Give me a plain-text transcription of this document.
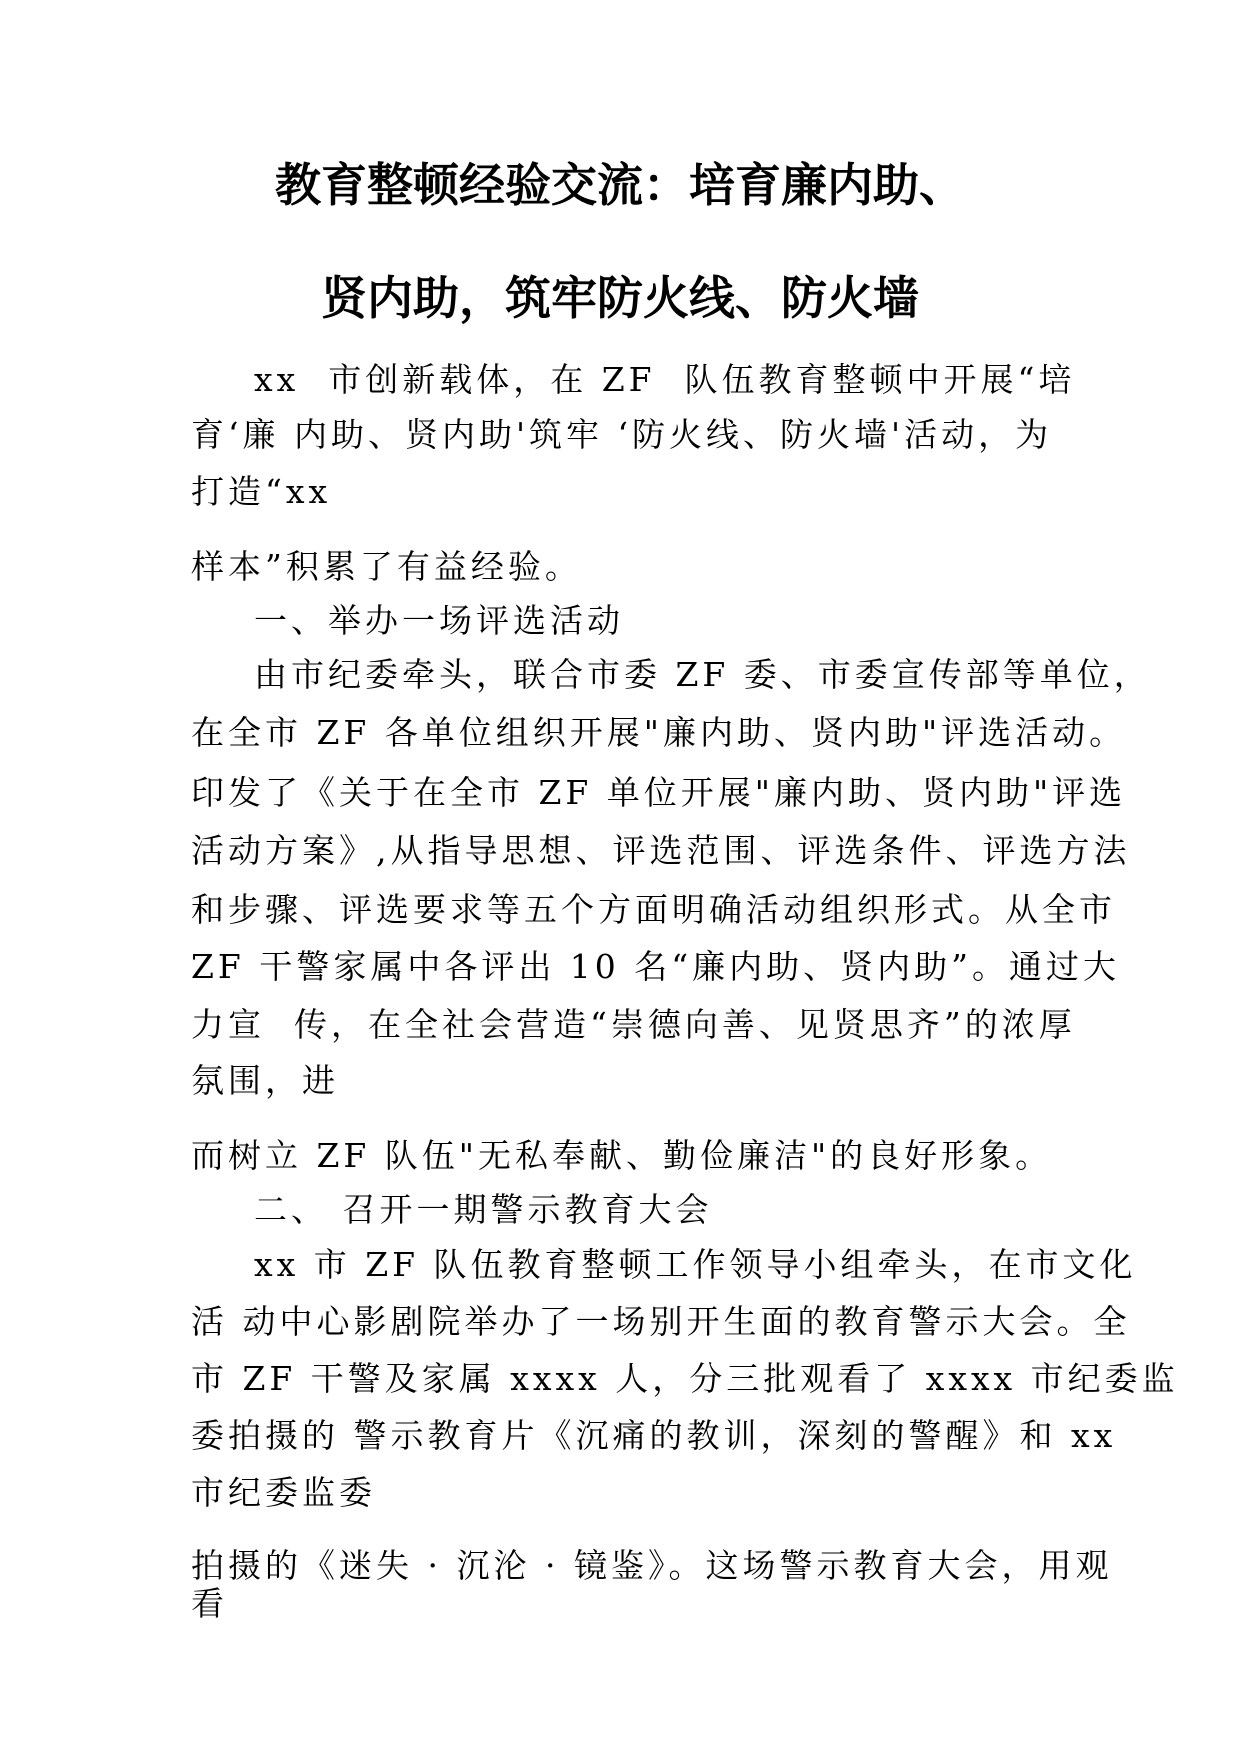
教育整顿经验交流：培育廉内助、
贤内助，筑牢防火线、防火墙
xx  市创新载体，在 ZF  队伍教育整顿中开展“培
育‘廉 内助、贤内助'筑牢 ‘防火线、防火墙'活动，为
打造“xx
样本”积累了有益经验。
一、举办一场评选活动
由市纪委牵头，联合市委 ZF 委、市委宣传部等单位，
在全市 ZF 各单位组织开展"廉内助、贤内助"评选活动。
印发了《关于在全市 ZF 单位开展"廉内助、贤内助"评选
活动方案》,从指导思想、评选范围、评选条件、评选方法
和步骤、评选要求等五个方面明确活动组织形式。从全市
ZF 干警家属中各评出 10 名“廉内助、贤内助”。通过大
力宣  传，在全社会营造“崇德向善、见贤思齐”的浓厚
氛围，进
而树立 ZF 队伍"无私奉献、勤俭廉洁"的良好形象。
二、 召开一期警示教育大会
xx 市 ZF 队伍教育整顿工作领导小组牵头，在市文化
活 动中心影剧院举办了一场别开生面的教育警示大会。全
市 ZF 干警及家属 xxxx 人，分三批观看了 xxxx 市纪委监
委拍摄的 警示教育片《沉痛的教训，深刻的警醒》和 xx
市纪委监委
拍摄的《迷失 · 沉沦 · 镜鉴》。这场警示教育大会，用观
看
